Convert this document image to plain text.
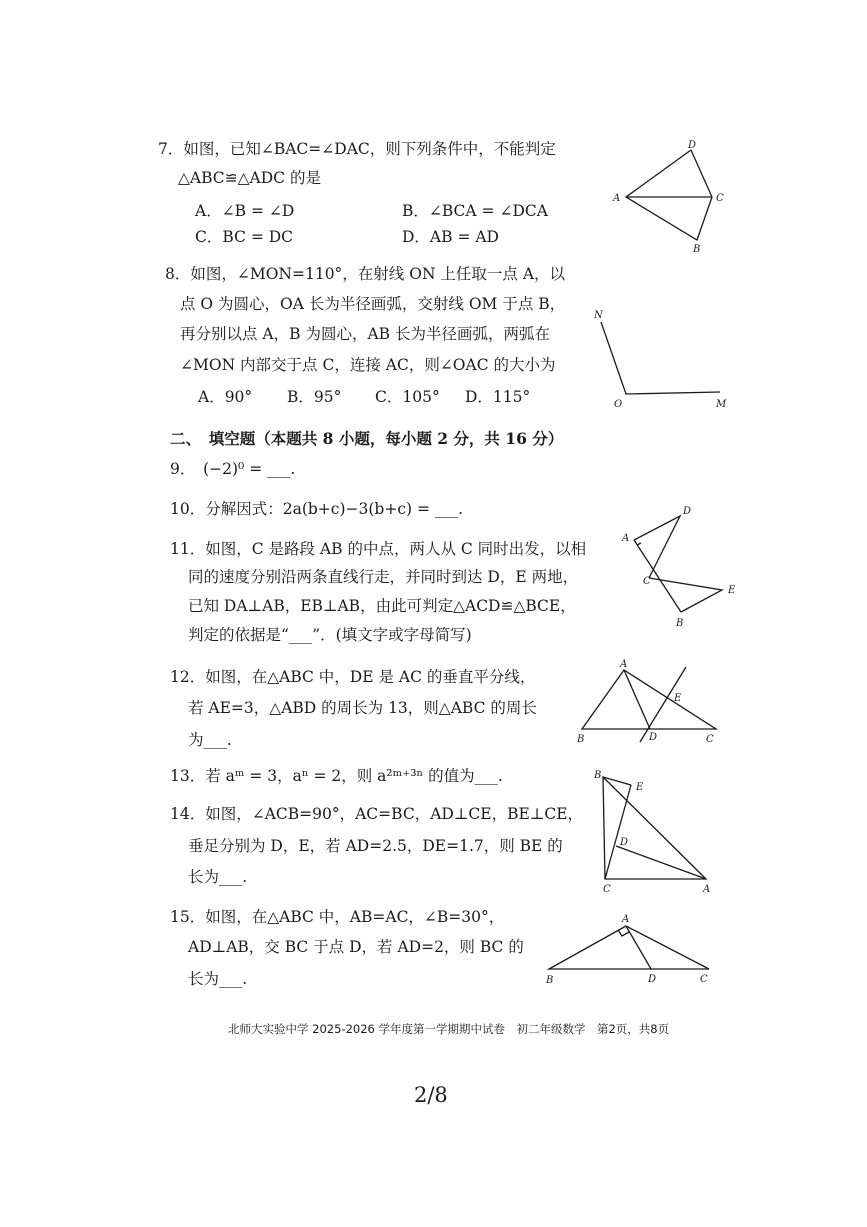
7．如图，已知∠BAC=∠DAC，则下列条件中，不能判定
△ABC≌△ADC 的是
A．∠B = ∠D	B．∠BCA = ∠DCA
C．BC = DC	D．AB = AD
D
A	C
B
8．如图，∠MON=110°，在射线 ON 上任取一点 A，以
点 O 为圆心，OA 长为半径画弧，交射线 OM 于点 B，
再分别以点 A，B 为圆心，AB 长为半径画弧，两弧在
∠MON 内部交于点 C，连接 AC，则∠OAC 的大小为
A．90° B．95° C．105° D．115°
N
O	M
二、　填空题（本题共 8 小题，每小题 2 分，共 16 分）
9．　(−2)⁰ = ___.
10．分解因式：2a(b+c)−3(b+c) = ___.
11．如图，C 是路段 AB 的中点，两人从 C 同时出发，以相
同的速度分别沿两条直线行走，并同时到达 D，E 两地，
已知 DA⊥AB，EB⊥AB，由此可判定△ACD≌△BCE，
判定的依据是“___”．(填文字或字母简写)
A
D
C
E
B
12．如图，在△ABC 中，DE 是 AC 的垂直平分线，
若 AE=3，△ABD 的周长为 13，则△ABC 的周长
为___.
A
E
B	D	C
13．若 aᵐ = 3，aⁿ = 2，则 a²ᵐ⁺³ⁿ 的值为___.
14．如图，∠ACB=90°，AC=BC，AD⊥CE，BE⊥CE，
垂足分别为 D，E，若 AD=2.5，DE=1.7，则 BE 的
长为___.
B
E
D
C	A
15．如图，在△ABC 中，AB=AC，∠B=30°，
AD⊥AB，交 BC 于点 D，若 AD=2，则 BC 的
长为___.
A
B	D	C
北师大实验中学 2025-2026 学年度第一学期期中试卷　初二年级数学　第2页，共8页
2/8
